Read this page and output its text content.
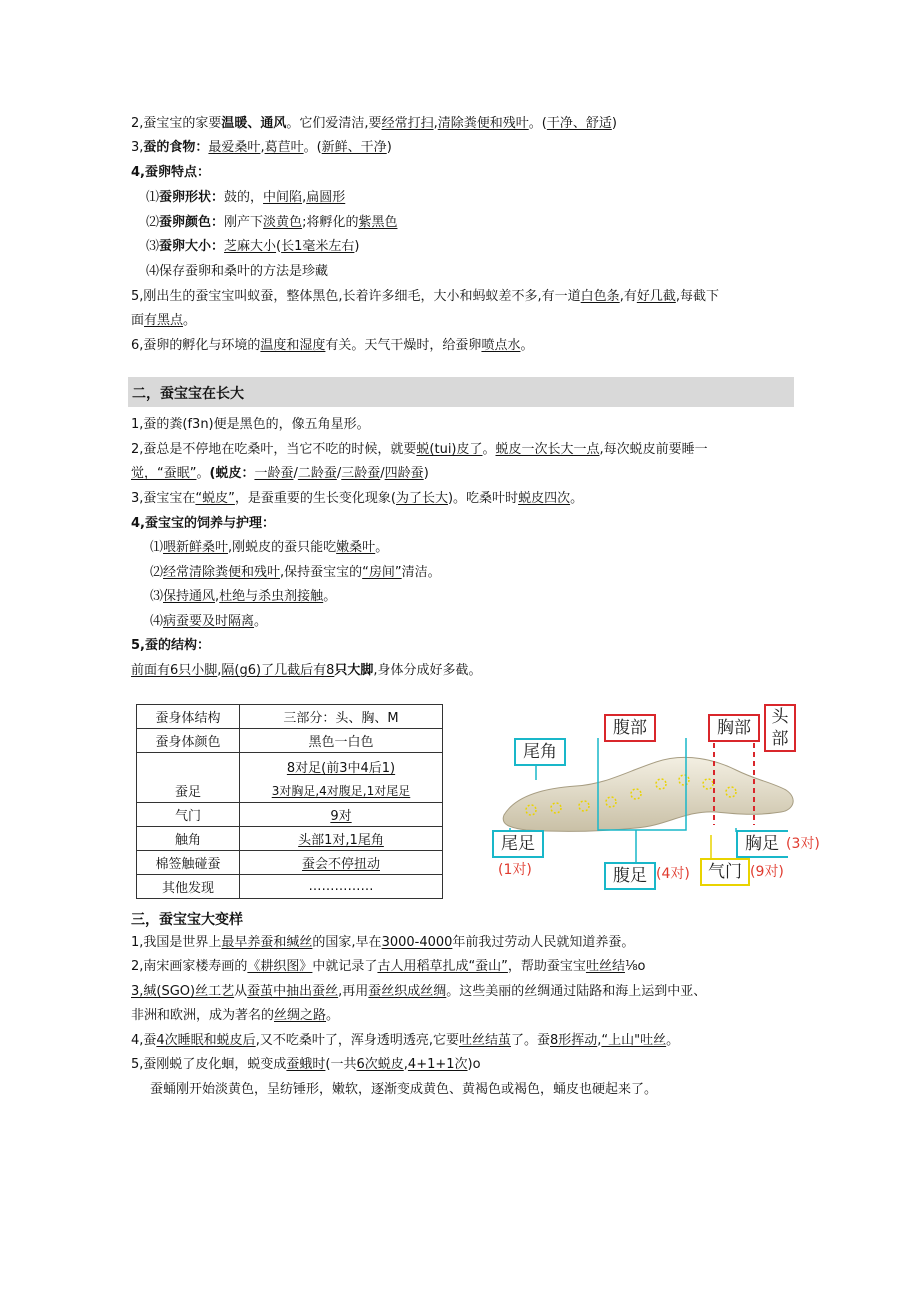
2,蚕宝宝的家要温暖、通风。它们爱清洁,要经常打扫,清除粪便和残叶。(干净、舒适)
3,蚕的食物：最爱桑叶,葛苣叶。(新鲜、干净)
4,蚕卵特点：
⑴蚕卵形状：鼓的，中间陷,扁圆形
⑵蚕卵颜色：刚产下淡黄色;将孵化的紫黑色
⑶蚕卵大小：芝麻大小(长1毫米左右)
⑷保存蚕卵和桑叶的方法是珍藏
5,刚出生的蚕宝宝叫蚁蚕，整体黑色,长着许多细毛，大小和蚂蚁差不多,有一道白色条,有好几截,每截下
面有黑点。
6,蚕卵的孵化与环境的温度和湿度有关。天气干燥时，给蚕卵喷点水。
二，蚕宝宝在长大
1,蚕的粪(f3n)便是黑色的，像五角星形。
2,蚕总是不停地在吃桑叶，当它不吃的时候，就要蜕(tui)皮了。蜕皮一次长大一点,每次蜕皮前要睡一
觉，“蚕眠”。(蜕皮：一龄蚕/二龄蚕/三龄蚕/四龄蚕)
3,蚕宝宝在“蜕皮”，是蚕重要的生长变化现象(为了长大)。吃桑叶时蜕皮四次。
4,蚕宝宝的饲养与护理：
⑴喂新鲜桑叶,刚蜕皮的蚕只能吃嫩桑叶。
⑵经常清除粪便和残叶,保持蚕宝宝的“房间”清洁。
⑶保持通风,杜绝与杀虫剂接触。
⑷病蚕要及时隔离。
5,蚕的结构：
前面有6只小脚,隔(g6)了几截后有8只大脚,身体分成好多截。
蚕身体结构	三部分：头、胸、M
蚕身体颜色	黑色一白色
	8对足(前3中4后1)
蚕足	3对胸足,4对腹足,1对尾足
气门	9对
触角	头部1对,1尾角
棉签触碰蚕	蚕会不停扭动
其他发现	……………
尾角
腹部	胸部
头部
尾足
(1对)	腹足 (4对)	气门 (9对)
胸足 (3对)
三，蚕宝宝大变样
1,我国是世界上最早养蚕和缄丝的国家,早在3000-4000年前我过劳动人民就知道养蚕。
2,南宋画家楼寿画的《耕织图》中就记录了古人用稻草扎成“蚕山”，帮助蚕宝宝吐丝结⅛o
3,缄(SGO)丝工艺从蚕茧中抽出蚕丝,再用蚕丝织成丝绸。这些美丽的丝绸通过陆路和海上运到中亚、
非洲和欧洲，成为著名的丝绸之路。
4,蚕4次睡眠和蜕皮后,又不吃桑叶了，浑身透明透亮,它要吐丝结茧了。蚕8形挥动,“上山"吐丝。
5,蚕刚蜕了皮化蛔，蜕变成蚕蛾时(一共6次蜕皮,4+1+1次)o
蚕蛹刚开始淡黄色，呈纺锤形，嫩软，逐渐变成黄色、黄褐色或褐色，蛹皮也硬起来了。
